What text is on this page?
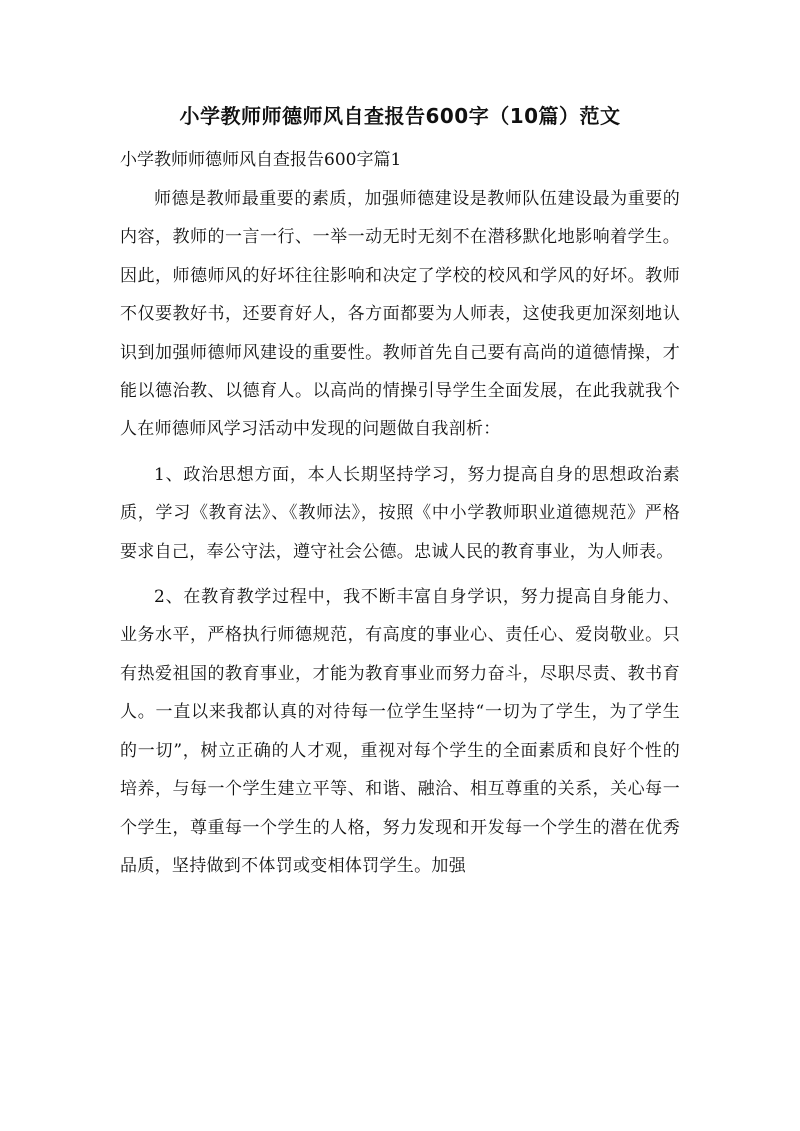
小学教师师德师风自查报告600字（10篇）范文

小学教师师德师风自查报告600字篇1

师德是教师最重要的素质，加强师德建设是教师队伍建设最为重要的内容，教师的一言一行、一举一动无时无刻不在潜移默化地影响着学生。因此，师德师风的好坏往往影响和决定了学校的校风和学风的好坏。教师不仅要教好书，还要育好人，各方面都要为人师表，这使我更加深刻地认识到加强师德师风建设的重要性。教师首先自己要有高尚的道德情操，才能以德治教、以德育人。以高尚的情操引导学生全面发展，在此我就我个人在师德师风学习活动中发现的问题做自我剖析：

1、政治思想方面，本人长期坚持学习，努力提高自身的思想政治素质，学习《教育法》、《教师法》，按照《中小学教师职业道德规范》严格要求自己，奉公守法，遵守社会公德。忠诚人民的教育事业，为人师表。

2、在教育教学过程中，我不断丰富自身学识，努力提高自身能力、业务水平，严格执行师德规范，有高度的事业心、责任心、爱岗敬业。只有热爱祖国的教育事业，才能为教育事业而努力奋斗，尽职尽责、教书育人。一直以来我都认真的对待每一位学生坚持“一切为了学生，为了学生的一切”，树立正确的人才观，重视对每个学生的全面素质和良好个性的培养，与每一个学生建立平等、和谐、融洽、相互尊重的关系，关心每一个学生，尊重每一个学生的人格，努力发现和开发每一个学生的潜在优秀品质，坚持做到不体罚或变相体罚学生。加强
